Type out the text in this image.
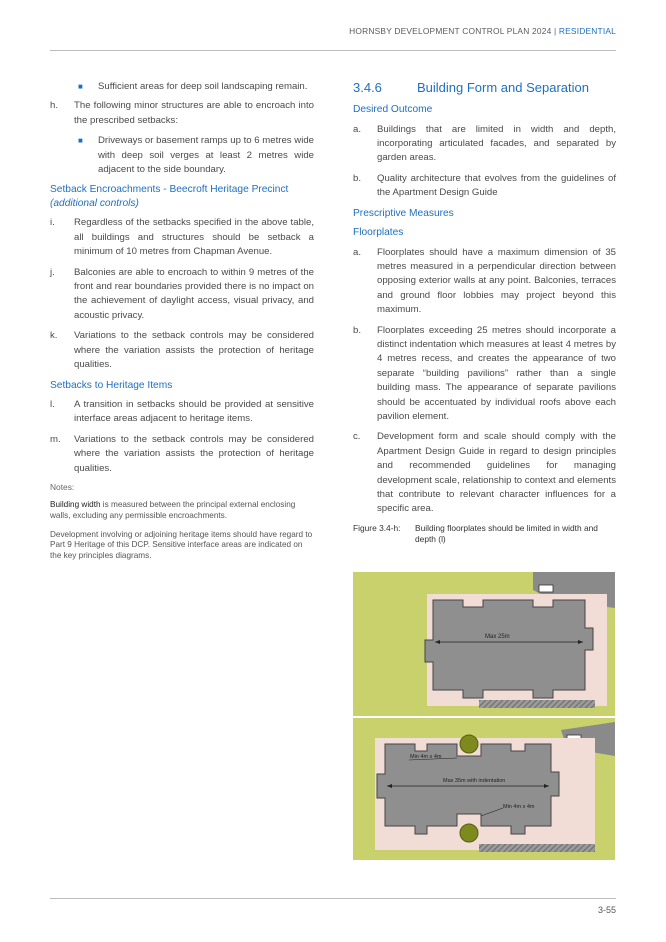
HORNSBY DEVELOPMENT CONTROL PLAN 2024 | RESIDENTIAL
■ Sufficient areas for deep soil landscaping remain.
h. The following minor structures are able to encroach into the prescribed setbacks:
■ Driveways or basement ramps up to 6 metres wide with deep soil verges at least 2 metres wide adjacent to the side boundary.
Setback Encroachments - Beecroft Heritage Precinct
(additional controls)
i. Regardless of the setbacks specified in the above table, all buildings and structures should be setback a minimum of 10 metres from Chapman Avenue.
j. Balconies are able to encroach to within 9 metres of the front and rear boundaries provided there is no impact on the achievement of daylight access, visual privacy, and acoustic privacy.
k. Variations to the setback controls may be considered where the variation assists the protection of heritage qualities.
Setbacks to Heritage Items
l. A transition in setbacks should be provided at sensitive interface areas adjacent to heritage items.
m. Variations to the setback controls may be considered where the variation assists the protection of heritage qualities.
Notes:
Building width is measured between the principal external enclosing walls, excluding any permissible encroachments.
Development involving or adjoining heritage items should have regard to Part 9 Heritage of this DCP. Sensitive interface areas are indicated on the key principles diagrams.
3.4.6	Building Form and Separation
Desired Outcome
a. Buildings that are limited in width and depth, incorporating articulated facades, and separated by garden areas.
b. Quality architecture that evolves from the guidelines of the Apartment Design Guide
Prescriptive Measures
Floorplates
a. Floorplates should have a maximum dimension of 35 metres measured in a perpendicular direction between opposing exterior walls at any point. Balconies, terraces and ground floor lobbies may project beyond this maximum.
b. Floorplates exceeding 25 metres should incorporate a distinct indentation which measures at least 4 metres by 4 metres recess, and creates the appearance of two separate “building pavilions” rather than a single building mass. The appearance of separate pavilions should be accentuated by individual roofs above each pavilion element.
c. Development form and scale should comply with the Apartment Design Guide in regard to design principles and recommended guidelines for managing development scale, relationship to context and elements that contribute to relevant character influences for a specific area.
Figure 3.4-h:	Building floorplates should be limited in width and depth (l)
Max 25m
Min 4m x 4m
Max 35m with indentation
Min 4m x 4m
3-55
